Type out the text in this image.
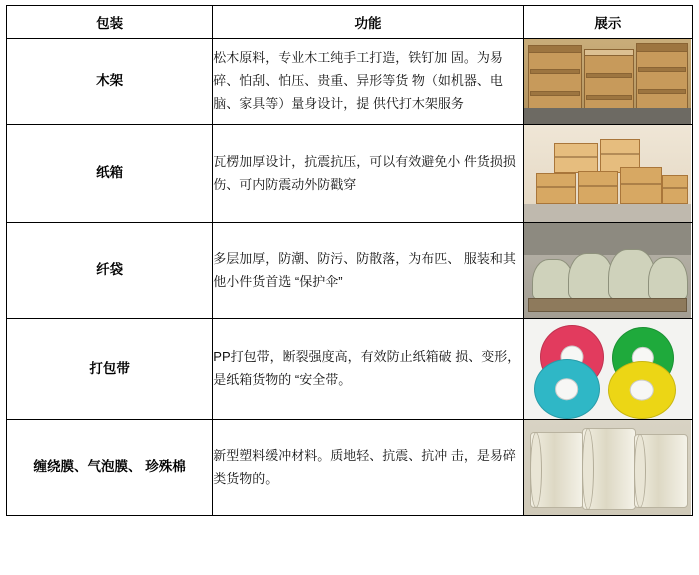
包装	功能	展示
木架	松木原料，专业木工纯手工打造，铁钉加 固。为易碎、怕刮、怕压、贵重、异形等货 物（如机器、电脑、家具等）量身设计，提 供代打木架服务	

纸箱	瓦楞加厚设计，抗震抗压，可以有效避免小 件货损损伤、可内防震动外防戳穿	

纤袋	多层加厚，防潮、防污、防散落，为布匹、 服装和其他小件货首选 “保护伞”	

打包带	PP打包带，断裂强度高，有效防止纸箱破 损、变形，是纸箱货物的 “安全带。	

缠绕膜、气泡膜、 珍殊棉	新型塑料缓冲材料。质地轻、抗震、抗冲 击，是易碎类货物的。	
